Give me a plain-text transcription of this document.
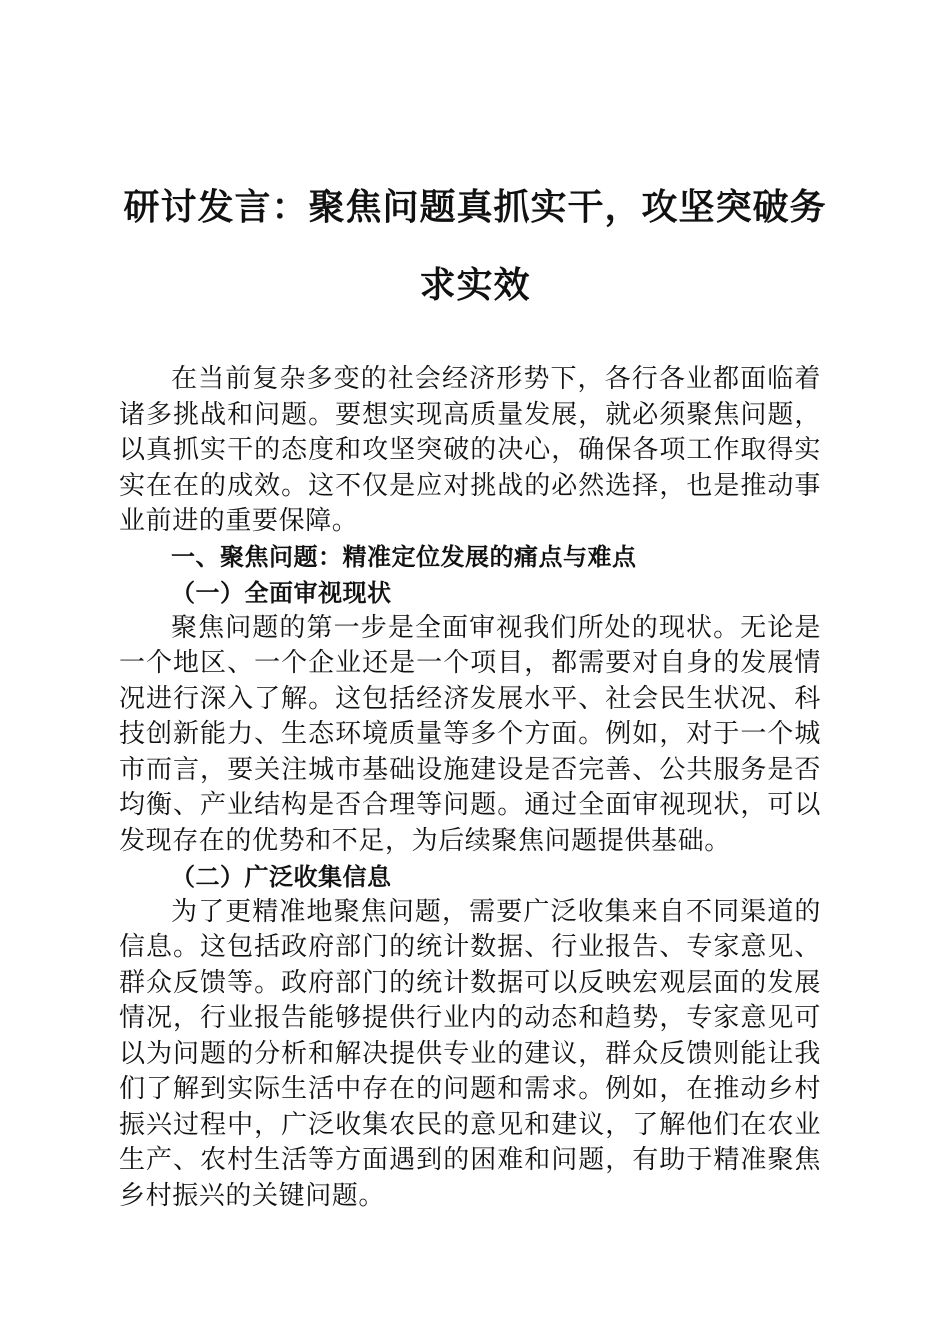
研讨发言：聚焦问题真抓实干，攻坚突破务求实效

在当前复杂多变的社会经济形势下，各行各业都面临着诸多挑战和问题。要想实现高质量发展，就必须聚焦问题，以真抓实干的态度和攻坚突破的决心，确保各项工作取得实实在在的成效。这不仅是应对挑战的必然选择，也是推动事业前进的重要保障。

一、聚焦问题：精准定位发展的痛点与难点
（一）全面审视现状

聚焦问题的第一步是全面审视我们所处的现状。无论是一个地区、一个企业还是一个项目，都需要对自身的发展情况进行深入了解。这包括经济发展水平、社会民生状况、科技创新能力、生态环境质量等多个方面。例如，对于一个城市而言，要关注城市基础设施建设是否完善、公共服务是否均衡、产业结构是否合理等问题。通过全面审视现状，可以发现存在的优势和不足，为后续聚焦问题提供基础。

（二）广泛收集信息

为了更精准地聚焦问题，需要广泛收集来自不同渠道的信息。这包括政府部门的统计数据、行业报告、专家意见、群众反馈等。政府部门的统计数据可以反映宏观层面的发展情况，行业报告能够提供行业内的动态和趋势，专家意见可以为问题的分析和解决提供专业的建议，群众反馈则能让我们了解到实际生活中存在的问题和需求。例如，在推动乡村振兴过程中，广泛收集农民的意见和建议，了解他们在农业生产、农村生活等方面遇到的困难和问题，有助于精准聚焦乡村振兴的关键问题。
